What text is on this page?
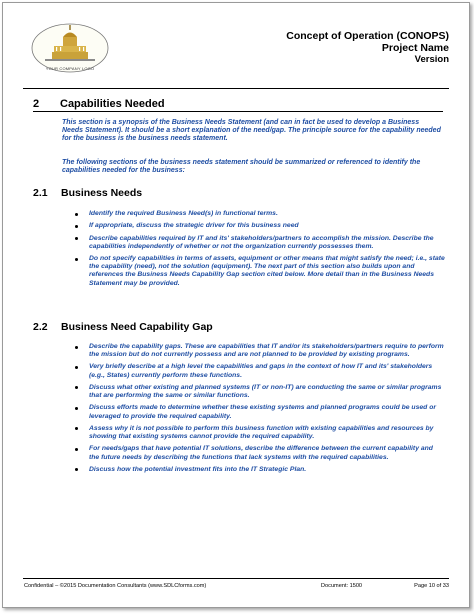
YOUR COMPANY LOGO
Concept of Operation (CONOPS)
Project Name
Version
2 Capabilities Needed
This section is a synopsis of the Business Needs Statement (and can in fact be used to develop a Business Needs Statement). It should be a short explanation of the need/gap. The principle source for the capability needed for the business is the business needs statement.
The following sections of the business needs statement should be summarized or referenced to identify the capabilities needed for the business:
2.1 Business Needs
Identify the required Business Need(s) in functional terms.
If appropriate, discuss the strategic driver for this business need
Describe capabilities required by IT and its' stakeholders/partners to accomplish the mission. Describe the capabilities independently of whether or not the organization currently possesses them.
Do not specify capabilities in terms of assets, equipment or other means that might satisfy the need; i.e., state the capability (need), not the solution (equipment). The next part of this section also builds upon and references the Business Needs Capability Gap section cited below. More detail than in the Business Needs Statement may be provided.
2.2 Business Need Capability Gap
Describe the capability gaps. These are capabilities that IT and/or its stakeholders/partners require to perform the mission but do not currently possess and are not planned to be provided by existing programs.
Very briefly describe at a high level the capabilities and gaps in the context of how IT and its' stakeholders (e.g., States) currently perform these functions.
Discuss what other existing and planned systems (IT or non-IT) are conducting the same or similar programs that are performing the same or similar functions.
Discuss efforts made to determine whether these existing systems and planned programs could be used or leveraged to provide the required capability.
Assess why it is not possible to perform this business function with existing capabilities and resources by showing that existing systems cannot provide the required capability.
For needs/gaps that have potential IT solutions, describe the difference between the current capability and the future needs by describing the functions that lack systems with the required capabilities.
Discuss how the potential investment fits into the IT Strategic Plan.
Confidential – ©2015 Documentation Consultants (www.SDLCforms.com)	Document: 1500	Page 10 of 33
